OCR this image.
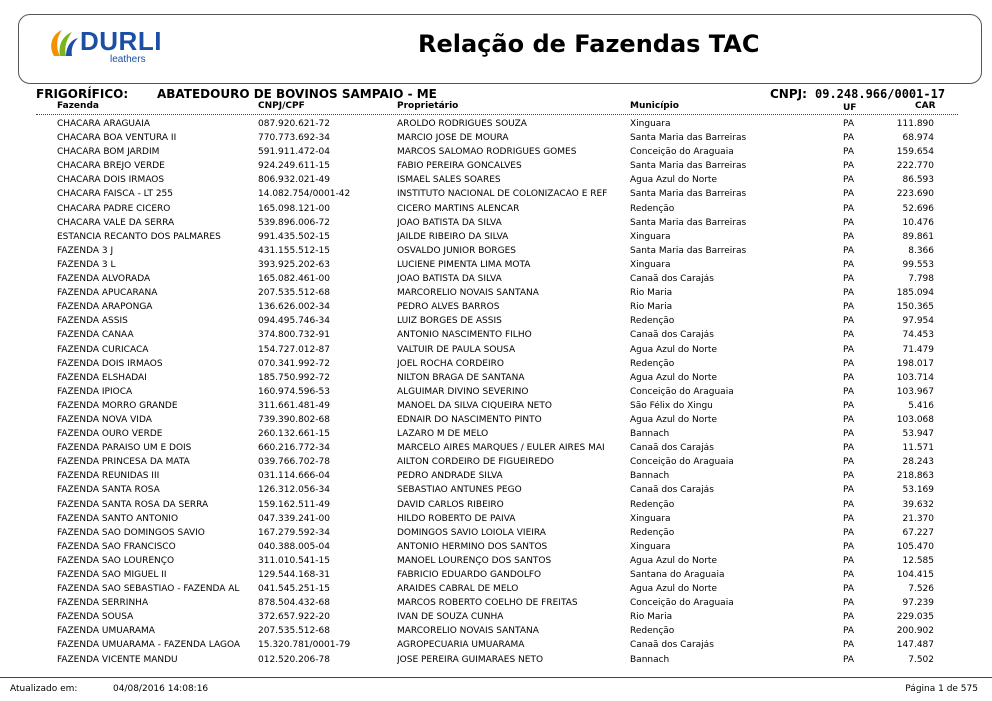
DURLI
leathers
Relação de Fazendas TAC
FRIGORÍFICO: ABATEDOURO DE BOVINOS SAMPAIO - ME	CNPJ: 09.248.966/0001-17
Fazenda	CNPJ/CPF	Proprietário	Município	UF	CAR
CHACARA ARAGUAIA	087.920.621-72	AROLDO RODRIGUES SOUZA	Xinguara	PA	111.890
CHACARA BOA VENTURA II	770.773.692-34	MARCIO JOSE DE MOURA	Santa Maria das Barreiras	PA	68.974
CHACARA BOM JARDIM	591.911.472-04	MARCOS SALOMAO RODRIGUES GOMES	Conceição do Araguaia	PA	159.654
CHACARA BREJO VERDE	924.249.611-15	FABIO PEREIRA GONCALVES	Santa Maria das Barreiras	PA	222.770
CHACARA DOIS IRMAOS	806.932.021-49	ISMAEL SALES SOARES	Água Azul do Norte	PA	86.593
CHACARA FAISCA - LT 255	14.082.754/0001-42	INSTITUTO NACIONAL DE COLONIZACAO E REF	Santa Maria das Barreiras	PA	223.690
CHACARA PADRE CICERO	165.098.121-00	CICERO MARTINS ALENCAR	Redenção	PA	52.696
CHACARA VALE DA SERRA	539.896.006-72	JOAO BATISTA DA SILVA	Santa Maria das Barreiras	PA	10.476
ESTANCIA RECANTO DOS PALMARES	991.435.502-15	JAILDE RIBEIRO DA SILVA	Xinguara	PA	89.861
FAZENDA 3 J	431.155.512-15	OSVALDO JUNIOR BORGES	Santa Maria das Barreiras	PA	8.366
FAZENDA 3 L	393.925.202-63	LUCIENE PIMENTA LIMA MOTA	Xinguara	PA	99.553
FAZENDA ALVORADA	165.082.461-00	JOAO BATISTA DA SILVA	Canaã dos Carajás	PA	7.798
FAZENDA APUCARANA	207.535.512-68	MARCORELIO NOVAIS SANTANA	Rio Maria	PA	185.094
FAZENDA ARAPONGA	136.626.002-34	PEDRO ALVES BARROS	Rio Maria	PA	150.365
FAZENDA ASSIS	094.495.746-34	LUIZ BORGES DE ASSIS	Redenção	PA	97.954
FAZENDA CANAÃ	374.800.732-91	ANTONIO NASCIMENTO FILHO	Canaã dos Carajás	PA	74.453
FAZENDA CURICACA	154.727.012-87	VALTUIR DE PAULA SOUSA	Água Azul do Norte	PA	71.479
FAZENDA DOIS IRMAOS	070.341.992-72	JOEL ROCHA CORDEIRO	Redenção	PA	198.017
FAZENDA ELSHADAI	185.750.992-72	NILTON BRAGA DE SANTANA	Água Azul do Norte	PA	103.714
FAZENDA IPIOCA	160.974.596-53	ALGUIMAR DIVINO SEVERINO	Conceição do Araguaia	PA	103.967
FAZENDA MORRO GRANDE	311.661.481-49	MANOEL DA SILVA CIQUEIRA NETO	São Félix do Xingu	PA	5.416
FAZENDA NOVA VIDA	739.390.802-68	EDNAIR DO NASCIMENTO PINTO	Água Azul do Norte	PA	103.068
FAZENDA OURO VERDE	260.132.661-15	LAZARO M DE MELO	Bannach	PA	53.947
FAZENDA PARAISO UM E DOIS	660.216.772-34	MARCELO AIRES MARQUES / EULER AIRES MAI	Canaã dos Carajás	PA	11.571
FAZENDA PRINCESA DA MATA	039.766.702-78	AILTON CORDEIRO DE FIGUEIREDO	Conceição do Araguaia	PA	28.243
FAZENDA REUNIDAS III	031.114.666-04	PEDRO ANDRADE SILVA	Bannach	PA	218.863
FAZENDA SANTA ROSA	126.312.056-34	SEBASTIAO ANTUNES PEGO	Canaã dos Carajás	PA	53.169
FAZENDA SANTA ROSA DA SERRA	159.162.511-49	DAVID CARLOS RIBEIRO	Redenção	PA	39.632
FAZENDA SANTO ANTONIO	047.339.241-00	HILDO ROBERTO DE PAIVA	Xinguara	PA	21.370
FAZENDA SÃO DOMINGOS SAVIO	167.279.592-34	DOMINGOS SAVIO LOIOLA VIEIRA	Redenção	PA	67.227
FAZENDA SAO FRANCISCO	040.388.005-04	ANTONIO HERMINO DOS SANTOS	Xinguara	PA	105.470
FAZENDA SAO LOURENÇO	311.010.541-15	MANOEL LOURENÇO DOS SANTOS	Água Azul do Norte	PA	12.585
FAZENDA SAO MIGUEL II	129.544.168-31	FABRICIO EDUARDO GANDOLFO	Santana do Araguaia	PA	104.415
FAZENDA SAO SEBASTIAO - FAZENDA AL 041.545.251-15	ARAIDES CABRAL DE MELO	Água Azul do Norte	PA	7.526
FAZENDA SERRINHA	878.504.432-68	MARCOS ROBERTO COELHO DE FREITAS	Conceição do Araguaia	PA	97.239
FAZENDA SOUSA	372.657.922-20	IVAN DE SOUZA CUNHA	Rio Maria	PA	229.035
FAZENDA UMUARAMA	207.535.512-68	MARCORELIO NOVAIS SANTANA	Redenção	PA	200.902
FAZENDA UMUARAMA - FAZENDA LAGOA 15.320.781/0001-79	AGROPECUARIA UMUARAMA	Canaã dos Carajás	PA	147.487
FAZENDA VICENTE MANDU	012.520.206-78	JOSE PEREIRA GUIMARAES NETO	Bannach	PA	7.502
Atualizado em:	04/08/2016 14:08:16	Página 1 de 575
